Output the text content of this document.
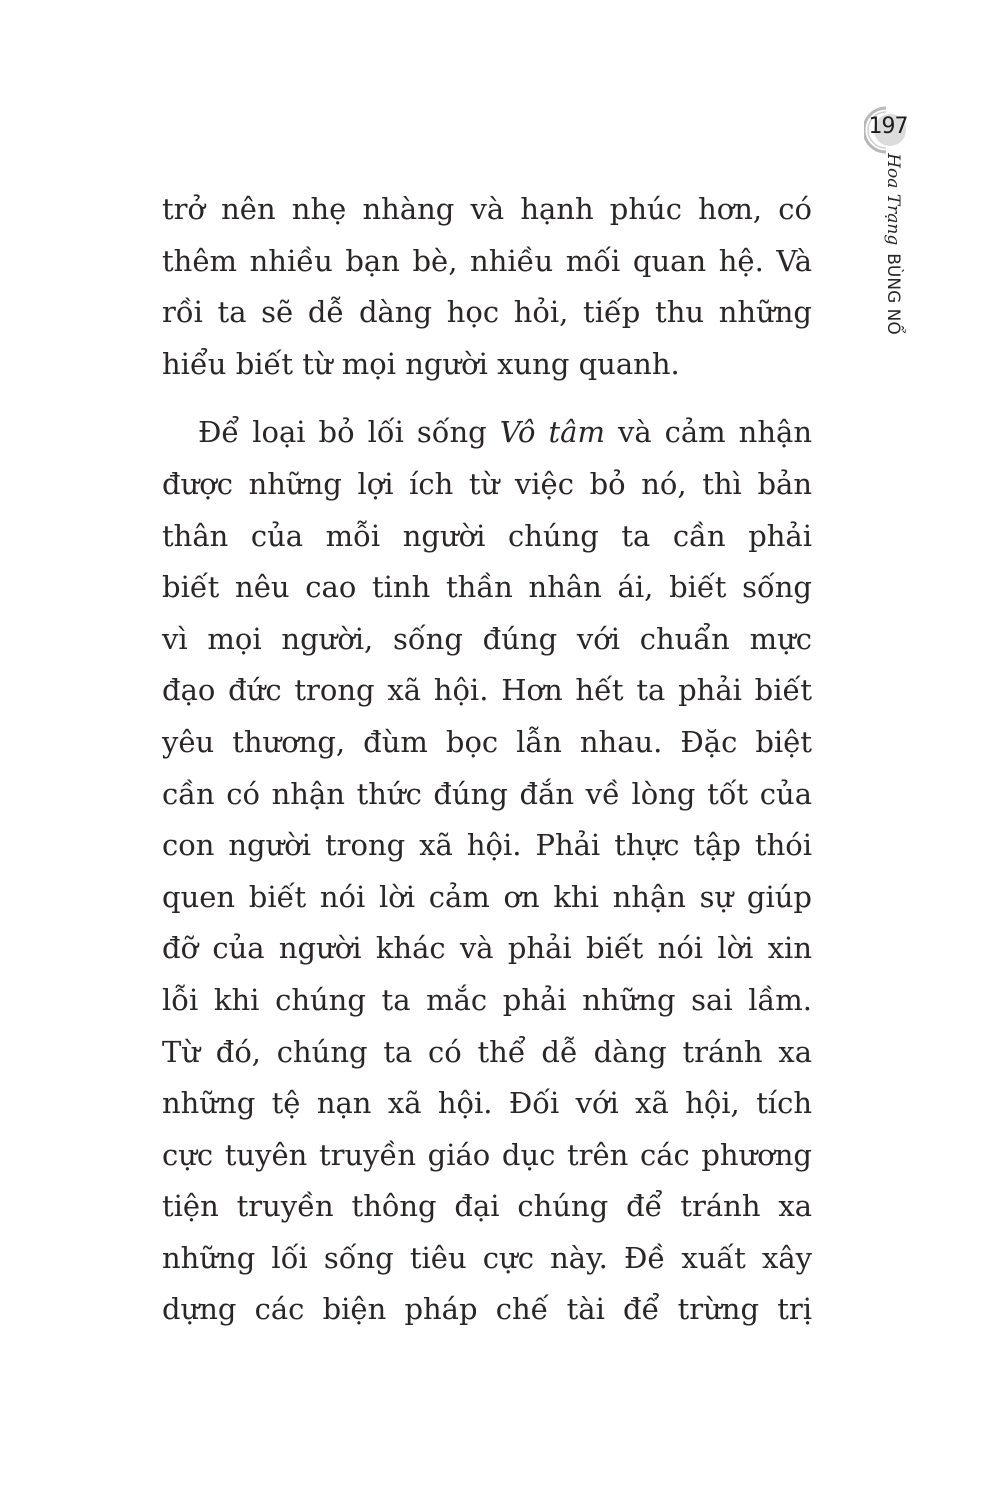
197
Hoa Trạng
BÙNG NỔ
trở nên nhẹ nhàng và hạnh phúc hơn, có
thêm nhiều bạn bè, nhiều mối quan hệ. Và
rồi ta sẽ dễ dàng học hỏi, tiếp thu những
hiểu biết từ mọi người xung quanh.
Để loại bỏ lối sống Vô tâm và cảm nhận
được những lợi ích từ việc bỏ nó, thì bản
thân của mỗi người chúng ta cần phải
biết nêu cao tinh thần nhân ái, biết sống
vì mọi người, sống đúng với chuẩn mực
đạo đức trong xã hội. Hơn hết ta phải biết
yêu thương, đùm bọc lẫn nhau. Đặc biệt
cần có nhận thức đúng đắn về lòng tốt của
con người trong xã hội. Phải thực tập thói
quen biết nói lời cảm ơn khi nhận sự giúp
đỡ của người khác và phải biết nói lời xin
lỗi khi chúng ta mắc phải những sai lầm.
Từ đó, chúng ta có thể dễ dàng tránh xa
những tệ nạn xã hội. Đối với xã hội, tích
cực tuyên truyền giáo dục trên các phương
tiện truyền thông đại chúng để tránh xa
những lối sống tiêu cực này. Đề xuất xây
dựng các biện pháp chế tài để trừng trị
